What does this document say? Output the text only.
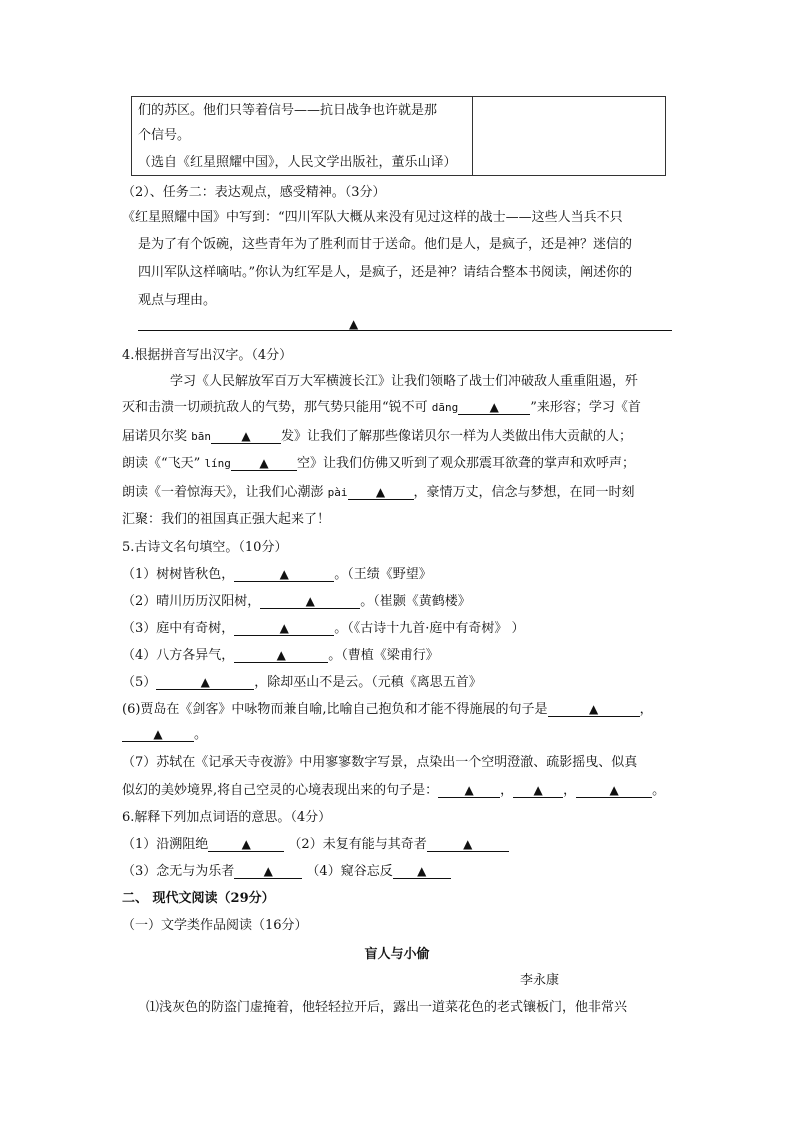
们的苏区。他们只等着信号——抗日战争也许就是那
个信号。
（选自《红星照耀中国》，人民文学出版社，董乐山译）
（2）、任务二：表达观点，感受精神。（3分）
《红星照耀中国》中写到：“四川军队大概从来没有见过这样的战士——这些人当兵不只
是为了有个饭碗，这些青年为了胜利而甘于送命。他们是人，是疯子，还是神？迷信的
四川军队这样嘀咕。”你认为红军是人，是疯子，还是神？请结合整本书阅读，阐述你的
观点与理由。
▲
4.根据拼音写出汉字。（4分）
学习《人民解放军百万大军横渡长江》让我们领略了战士们冲破敌人重重阻遏，歼
灭和击溃一切顽抗敌人的气势，那气势只能用“锐不可 dāng	▲ ”来形容；学习《首
届诺贝尔奖 bān	▲ 发》让我们了解那些像诺贝尔一样为人类做出伟大贡献的人；
朗读《“飞天” líng ▲ 空》让我们仿佛又听到了观众那震耳欲聋的掌声和欢呼声；
朗读《一着惊海天》，让我们心潮澎 pài ▲ ，豪情万丈，信念与梦想，在同一时刻
汇聚：我们的祖国真正强大起来了！
5.古诗文名句填空。（10分）
（1）树树皆秋色，	▲	。（王绩《野望》
（2）晴川历历汉阳树，	▲	。（崔颢《黄鹤楼》
（3）庭中有奇树，	▲	。（《古诗十九首·庭中有奇树》 ）
（4）八方各异气，	▲	。（曹植《梁甫行》
（5）	▲	，除却巫山不是云。（元稹《离思五首》
(6)贾岛在《剑客》中咏物而兼自喻,比喻自己抱负和才能不得施展的句子是	▲	，
▲ 。
（7）苏轼在《记承天寺夜游》中用寥寥数字写景，点染出一个空明澄澈、疏影摇曳、似真
似幻的美妙境界,将自己空灵的心境表现出来的句子是： ▲ ， ▲ ，	▲	。
6.解释下列加点词语的意思。（4分）
（1）沿溯阻绝	▲	（2）未复有能与其奇者	▲
（3）念无与为乐者 ▲	（4）窥谷忘反 ▲
二、 现代文阅读（29分）
（一）文学类作品阅读（16分）
盲人与小偷
李永康
⑴浅灰色的防盗门虚掩着，他轻轻拉开后，露出一道菜花色的老式镶板门，他非常兴
